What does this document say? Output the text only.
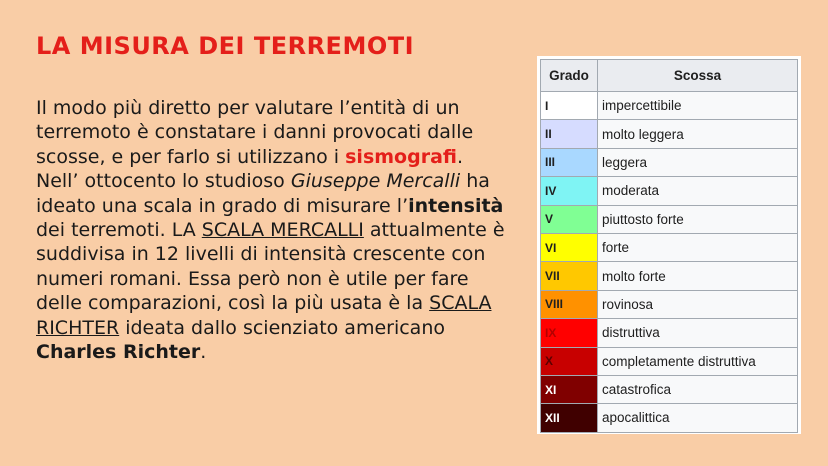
LA MISURA DEI TERREMOTI

Il modo più diretto per valutare l’entità di un terremoto è constatare i danni provocati dalle scosse, e per farlo si utilizzano i sismografi. Nell’ ottocento lo studioso Giuseppe Mercalli ha ideato una scala in grado di misurare l’intensità dei terremoti. LA SCALA MERCALLI attualmente è suddivisa in 12 livelli di intensità crescente con numeri romani. Essa però non è utile per fare delle comparazioni, così la più usata è la SCALA RICHTER ideata dallo scienziato americano Charles Richter.

Grado	Scossa
I	impercettibile
II	molto leggera
III	leggera
IV	moderata
V	piuttosto forte
VI	forte
VII	molto forte
VIII	rovinosa
IX	distruttiva
X	completamente distruttiva
XI	catastrofica
XII	apocalittica
